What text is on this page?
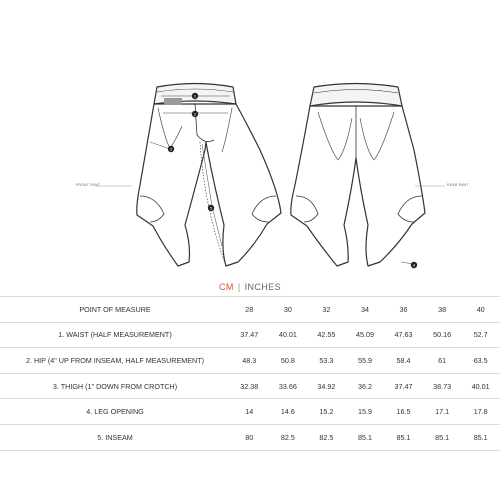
FRONT PANT	REAR PANT
1
2
3
4
5
CM | INCHES
POINT OF MEASURE	28	30	32	34	36	38	40
1. WAIST (HALF MEASUREMENT)	37.47	40.01	42.55	45.09	47.63	50.16	52.7
2. HIP (4" UP FROM INSEAM, HALF MEASUREMENT)	48.3	50.8	53.3	55.9	58.4	61	63.5
3. THIGH (1" DOWN FROM CROTCH)	32.38	33.66	34.92	36.2	37.47	38.73	40.01
4. LEG OPENING	14	14.6	15.2	15.9	16.5	17.1	17.8
5. INSEAM	80	82.5	82.5	85.1	85.1	85.1	85.1
